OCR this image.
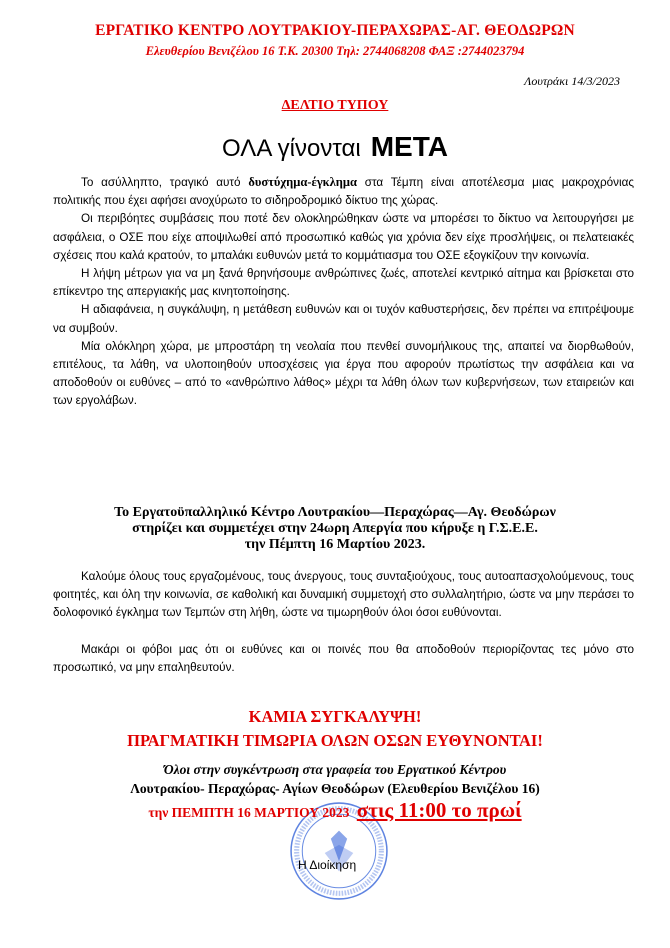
ΕΡΓΑΤΙΚΟ ΚΕΝΤΡΟ ΛΟΥΤΡΑΚΙΟΥ-ΠΕΡΑΧΩΡΑΣ-ΑΓ. ΘΕΟΔΩΡΩΝ
Ελευθερίου Βενιζέλου 16 Τ.Κ. 20300 Τηλ: 2744068208 ΦΑΞ :2744023794
Λουτράκι 14/3/2023
ΔΕΛΤΙΟ ΤΥΠΟΥ
ΟΛΑ γίνονται ΜΕΤΑ

Το ασύλληπτο, τραγικό αυτό δυστύχημα-έγκλημα στα Τέμπη είναι αποτέλεσμα μιας μακροχρόνιας πολιτικής που έχει αφήσει ανοχύρωτο το σιδηροδρομικό δίκτυο της χώρας.

Οι περιβόητες συμβάσεις που ποτέ δεν ολοκληρώθηκαν ώστε να μπορέσει το δίκτυο να λειτουργήσει με ασφάλεια, ο ΟΣΕ που είχε αποψιλωθεί από προσωπικό καθώς για χρόνια δεν είχε προσλήψεις, οι πελατειακές σχέσεις που καλά κρατούν, το μπαλάκι ευθυνών μετά το κομμάτιασμα του ΟΣΕ εξογκίζουν την κοινωνία.

Η λήψη μέτρων για να μη ξανά θρηνήσουμε ανθρώπινες ζωές, αποτελεί κεντρικό αίτημα και βρίσκεται στο επίκεντρο της απεργιακής μας κινητοποίησης.

Η αδιαφάνεια, η συγκάλυψη, η μετάθεση ευθυνών και οι τυχόν καθυστερήσεις, δεν πρέπει να επιτρέψουμε να συμβούν.

Μία ολόκληρη χώρα, με μπροστάρη τη νεολαία που πενθεί συνομήλικους της, απαιτεί να διορθωθούν, επιτέλους, τα λάθη, να υλοποιηθούν υποσχέσεις για έργα που αφορούν πρωτίστως την ασφάλεια και να αποδοθούν οι ευθύνες – από το «ανθρώπινο λάθος» μέχρι τα λάθη όλων των κυβερνήσεων, των εταιρειών και των εργολάβων.

Το Εργατοϋπαλληλικό Κέντρο Λουτρακίου—Περαχώρας—Αγ. Θεοδώρων
στηρίζει και συμμετέχει στην 24ωρη Απεργία που κήρυξε η Γ.Σ.Ε.Ε.
την Πέμπτη 16 Μαρτίου 2023.

Καλούμε όλους τους εργαζομένους, τους άνεργους, τους συνταξιούχους, τους αυτοαπασχολούμενους, τους φοιτητές, και όλη την κοινωνία, σε καθολική και δυναμική συμμετοχή στο συλλαλητήριο, ώστε να μην περάσει το δολοφονικό έγκλημα των Τεμπών στη λήθη, ώστε να τιμωρηθούν όλοι όσοι ευθύνονται.

Μακάρι οι φόβοι μας ότι οι ευθύνες και οι ποινές που θα αποδοθούν περιορίζοντας τες μόνο στο προσωπικό, να μην επαληθευτούν.

ΚΑΜΙΑ ΣΥΓΚΑΛΥΨΗ!
ΠΡΑΓΜΑΤΙΚΗ ΤΙΜΩΡΙΑ ΟΛΩΝ ΟΣΩΝ ΕΥΘΥΝΟΝΤΑΙ!
Όλοι στην συγκέντρωση στα γραφεία του Εργατικού Κέντρου
Λουτρακίου- Περαχώρας- Αγίων Θεοδώρων (Ελευθερίου Βενιζέλου 16)
την ΠΕΜΠΤΗ 16 ΜΑΡΤΙΟΥ 2023 στις 11:00 το πρωί
Η Διοίκηση
